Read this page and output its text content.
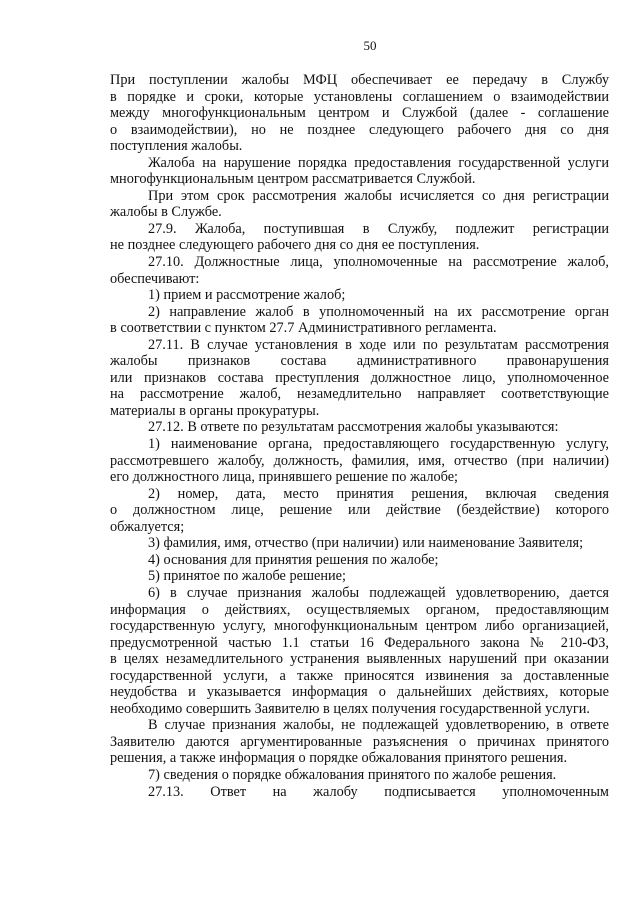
50
При поступлении жалобы МФЦ обеспечивает ее передачу в Службу
в порядке и сроки, которые установлены соглашением о взаимодействии
между многофункциональным центром и Службой (далее - соглашение
о взаимодействии), но не позднее следующего рабочего дня со дня
поступления жалобы.
Жалоба на нарушение порядка предоставления государственной услуги
многофункциональным центром рассматривается Службой.
При этом срок рассмотрения жалобы исчисляется со дня регистрации
жалобы в Службе.
27.9. Жалоба, поступившая в Службу, подлежит регистрации
не позднее следующего рабочего дня со дня ее поступления.
27.10. Должностные лица, уполномоченные на рассмотрение жалоб,
обеспечивают:
1) прием и рассмотрение жалоб;
2) направление жалоб в уполномоченный на их рассмотрение орган
в соответствии с пунктом 27.7 Административного регламента.
27.11. В случае установления в ходе или по результатам рассмотрения
жалобы признаков состава административного правонарушения
или признаков состава преступления должностное лицо, уполномоченное
на рассмотрение жалоб, незамедлительно направляет соответствующие
материалы в органы прокуратуры.
27.12. В ответе по результатам рассмотрения жалобы указываются:
1) наименование органа, предоставляющего государственную услугу,
рассмотревшего жалобу, должность, фамилия, имя, отчество (при наличии)
его должностного лица, принявшего решение по жалобе;
2) номер, дата, место принятия решения, включая сведения
о должностном лице, решение или действие (бездействие) которого
обжалуется;
3) фамилия, имя, отчество (при наличии) или наименование Заявителя;
4) основания для принятия решения по жалобе;
5) принятое по жалобе решение;
6) в случае признания жалобы подлежащей удовлетворению, дается
информация о действиях, осуществляемых органом, предоставляющим
государственную услугу, многофункциональным центром либо организацией,
предусмотренной частью 1.1 статьи 16 Федерального закона № 210-ФЗ,
в целях незамедлительного устранения выявленных нарушений при оказании
государственной услуги, а также приносятся извинения за доставленные
неудобства и указывается информация о дальнейших действиях, которые
необходимо совершить Заявителю в целях получения государственной услуги.
В случае признания жалобы, не подлежащей удовлетворению, в ответе
Заявителю даются аргументированные разъяснения о причинах принятого
решения, а также информация о порядке обжалования принятого решения.
7) сведения о порядке обжалования принятого по жалобе решения.
27.13. Ответ на жалобу подписывается уполномоченным
